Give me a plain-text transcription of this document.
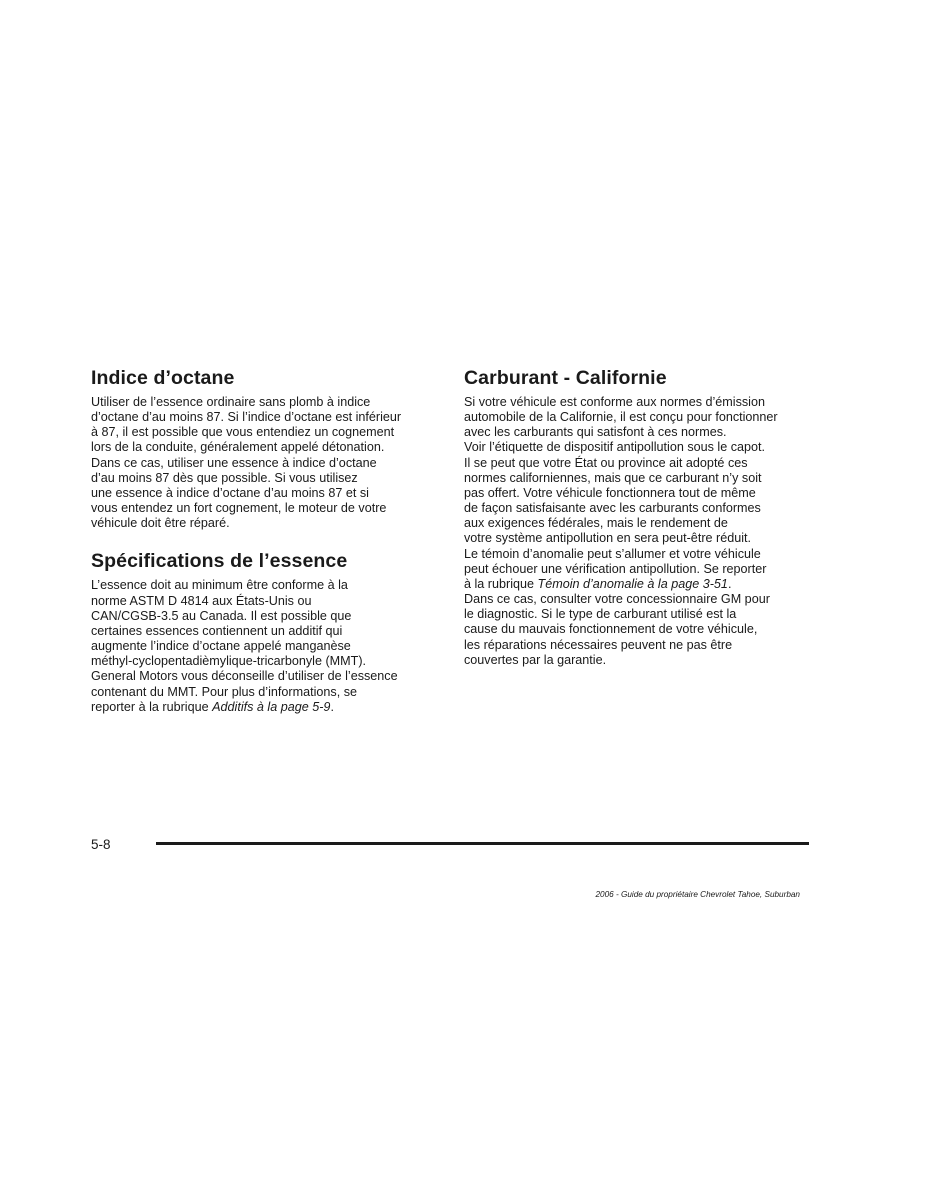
Indice d’octane

Utiliser de l’essence ordinaire sans plomb à indice
d’octane d’au moins 87. Si l’indice d’octane est inférieur
à 87, il est possible que vous entendiez un cognement
lors de la conduite, généralement appelé détonation.
Dans ce cas, utiliser une essence à indice d’octane
d’au moins 87 dès que possible. Si vous utilisez
une essence à indice d’octane d’au moins 87 et si
vous entendez un fort cognement, le moteur de votre
véhicule doit être réparé.

Spécifications de l’essence

L’essence doit au minimum être conforme à la
norme ASTM D 4814 aux États-Unis ou
CAN/CGSB-3.5 au Canada. Il est possible que
certaines essences contiennent un additif qui
augmente l’indice d’octane appelé manganèse
méthyl-cyclopentadièmylique-tricarbonyle (MMT).
General Motors vous déconseille d’utiliser de l’essence
contenant du MMT. Pour plus d’informations, se
reporter à la rubrique Additifs à la page 5-9.

Carburant - Californie

Si votre véhicule est conforme aux normes d’émission
automobile de la Californie, il est conçu pour fonctionner
avec les carburants qui satisfont à ces normes.
Voir l’étiquette de dispositif antipollution sous le capot.
Il se peut que votre État ou province ait adopté ces
normes californiennes, mais que ce carburant n’y soit
pas offert. Votre véhicule fonctionnera tout de même
de façon satisfaisante avec les carburants conformes
aux exigences fédérales, mais le rendement de
votre système antipollution en sera peut-être réduit.
Le témoin d’anomalie peut s’allumer et votre véhicule
peut échouer une vérification antipollution. Se reporter
à la rubrique Témoin d’anomalie à la page 3-51.
Dans ce cas, consulter votre concessionnaire GM pour
le diagnostic. Si le type de carburant utilisé est la
cause du mauvais fonctionnement de votre véhicule,
les réparations nécessaires peuvent ne pas être
couvertes par la garantie.

5-8
2006 - Guide du propriétaire Chevrolet Tahoe, Suburban
